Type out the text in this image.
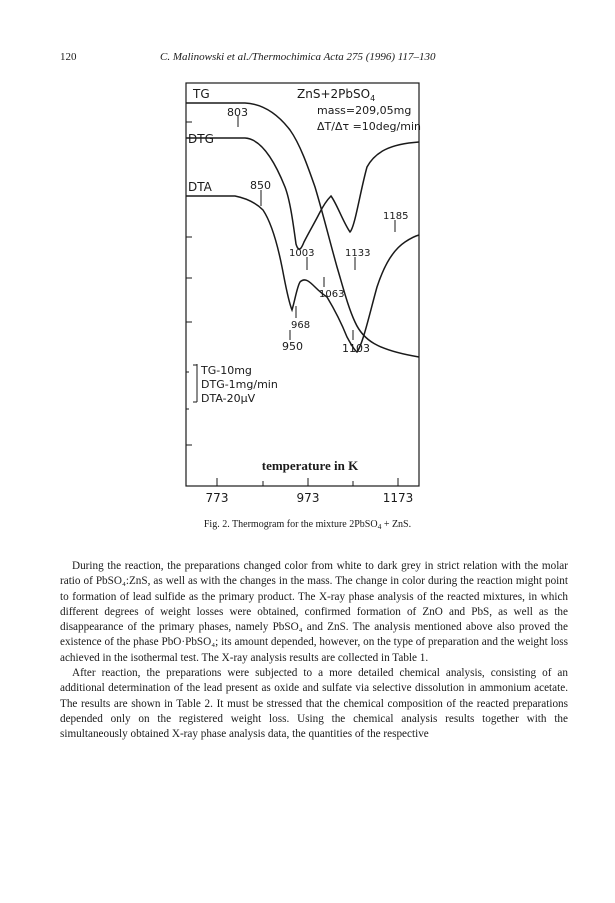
120	C. Malinowski et al./Thermochimica Acta 275 (1996) 117–130
TG
DTG
DTA
ZnS+2PbSO$_4$
mass=209,05mg
ΔT/Δτ =10deg/min
803
850
1185
1003	1133
1063
968
950	1103
TG-10mg
DTG-1mg/min
DTA-20μV
temperature in K
773	973	1173
Fig. 2. Thermogram for the mixture 2PbSO$_4$ + ZnS.

During the reaction, the preparations changed color from white to dark grey in strict relation with the molar ratio of PbSO₄:ZnS, as well as with the changes in the mass. The change in color during the reaction might point to formation of lead sulfide as the primary product. The X-ray phase analysis of the reacted mixtures, in which different degrees of weight losses were obtained, confirmed formation of ZnO and PbS, as well as the disappearance of the primary phases, namely PbSO₄ and ZnS. The analysis mentioned above also proved the existence of the phase PbO·PbSO₄; its amount depended, however, on the type of preparation and the weight loss achieved in the isothermal test. The X-ray analysis results are collected in Table 1.

After reaction, the preparations were subjected to a more detailed chemical analysis, consisting of an additional determination of the lead present as oxide and sulfate via selective dissolution in ammonium acetate. The results are shown in Table 2. It must be stressed that the chemical composition of the reacted preparations depended only on the registered weight loss. Using the chemical analysis results together with the simultaneously obtained X-ray phase analysis data, the quantities of the respective
